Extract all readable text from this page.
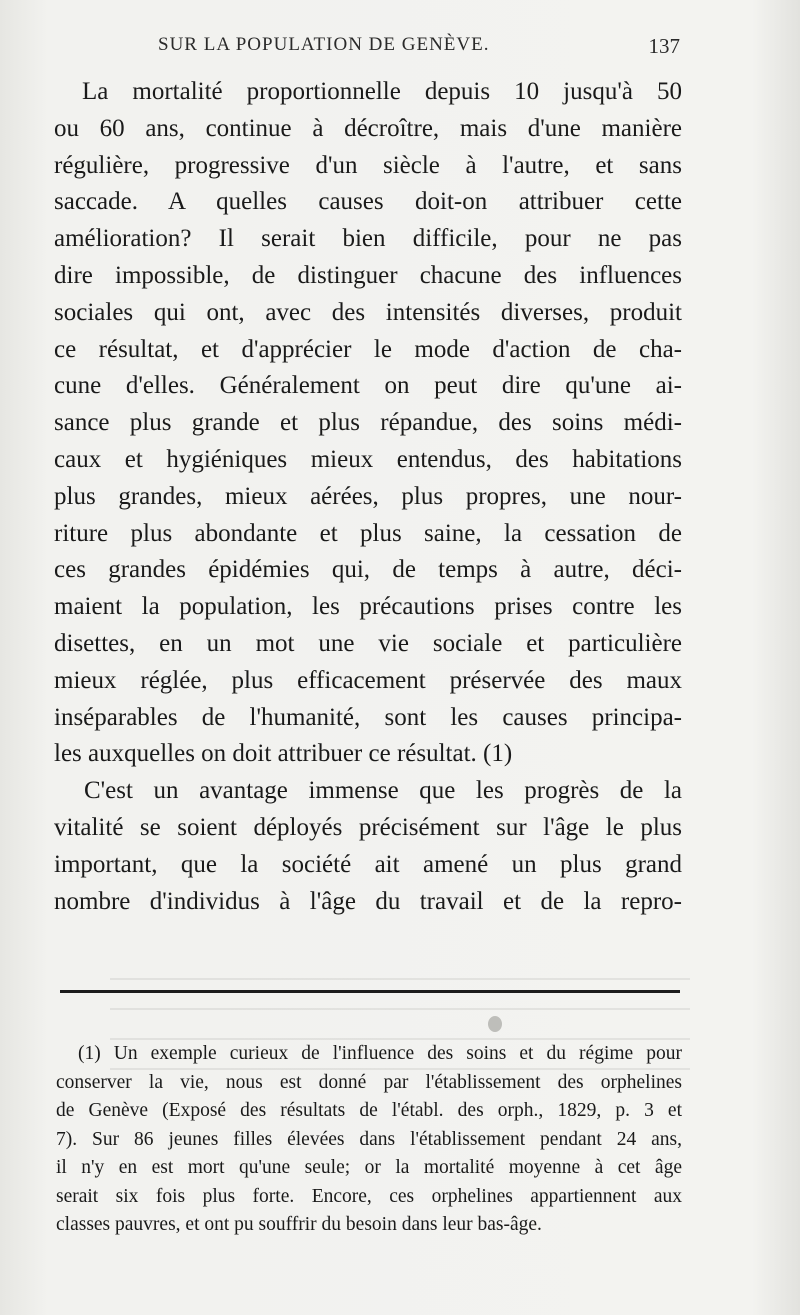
SUR LA POPULATION DE GENÈVE.	137
La mortalité proportionnelle depuis 10 jusqu'à 50
ou 60 ans, continue à décroître, mais d'une manière
régulière, progressive d'un siècle à l'autre, et sans
saccade. A quelles causes doit-on attribuer cette
amélioration? Il serait bien difficile, pour ne pas
dire impossible, de distinguer chacune des influences
sociales qui ont, avec des intensités diverses, produit
ce résultat, et d'apprécier le mode d'action de cha-
cune d'elles. Généralement on peut dire qu'une ai-
sance plus grande et plus répandue, des soins médi-
caux et hygiéniques mieux entendus, des habitations
plus grandes, mieux aérées, plus propres, une nour-
riture plus abondante et plus saine, la cessation de
ces grandes épidémies qui, de temps à autre, déci-
maient la population, les précautions prises contre les
disettes, en un mot une vie sociale et particulière
mieux réglée, plus efficacement préservée des maux
inséparables de l'humanité, sont les causes principa-
les auxquelles on doit attribuer ce résultat. (1)
C'est un avantage immense que les progrès de la
vitalité se soient déployés précisément sur l'âge le plus
important, que la société ait amené un plus grand
nombre d'individus à l'âge du travail et de la repro-
(1) Un exemple curieux de l'influence des soins et du régime pour
conserver la vie, nous est donné par l'établissement des orphelines
de Genève (Exposé des résultats de l'établ. des orph., 1829, p. 3 et
7). Sur 86 jeunes filles élevées dans l'établissement pendant 24 ans,
il n'y en est mort qu'une seule; or la mortalité moyenne à cet âge
serait six fois plus forte. Encore, ces orphelines appartiennent aux
classes pauvres, et ont pu souffrir du besoin dans leur bas-âge.
